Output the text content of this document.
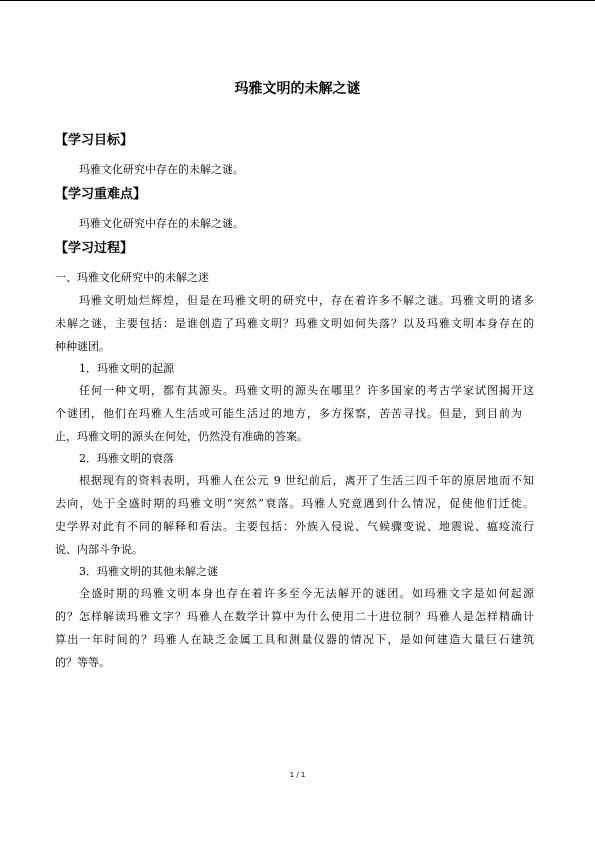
玛雅文明的未解之谜
【学习目标】
玛雅文化研究中存在的未解之谜。
【学习重难点】
玛雅文化研究中存在的未解之谜。
【学习过程】
一、玛雅文化研究中的未解之迷
玛雅文明灿烂辉煌，但是在玛雅文明的研究中，存在着许多不解之谜。玛雅文明的诸多
未解之谜，主要包括：是谁创造了玛雅文明？玛雅文明如何失落？以及玛雅文明本身存在的
种种谜团。
1．玛雅文明的起源
任何一种文明，都有其源头。玛雅文明的源头在哪里？许多国家的考古学家试图揭开这
个谜团，他们在玛雅人生活或可能生活过的地方，多方探察，苦苦寻找。但是，到目前为
止，玛雅文明的源头在何处，仍然没有准确的答案。
2．玛雅文明的衰落
根据现有的资料表明，玛雅人在公元 9 世纪前后，离开了生活三四千年的原居地而不知
去向，处于全盛时期的玛雅文明“突然”衰落。玛雅人究竟遇到什么情况，促使他们迁徙。
史学界对此有不同的解释和看法。主要包括：外族入侵说、气候骤变说、地震说、瘟疫流行
说、内部斗争说。
3．玛雅文明的其他未解之谜
全盛时期的玛雅文明本身也存在着许多至今无法解开的谜团。如玛雅文字是如何起源
的？怎样解读玛雅文字？玛雅人在数学计算中为什么使用二十进位制？玛雅人是怎样精确计
算出一年时间的？玛雅人在缺乏金属工具和测量仪器的情况下，是如何建造大量巨石建筑
的？等等。
1 / 1
